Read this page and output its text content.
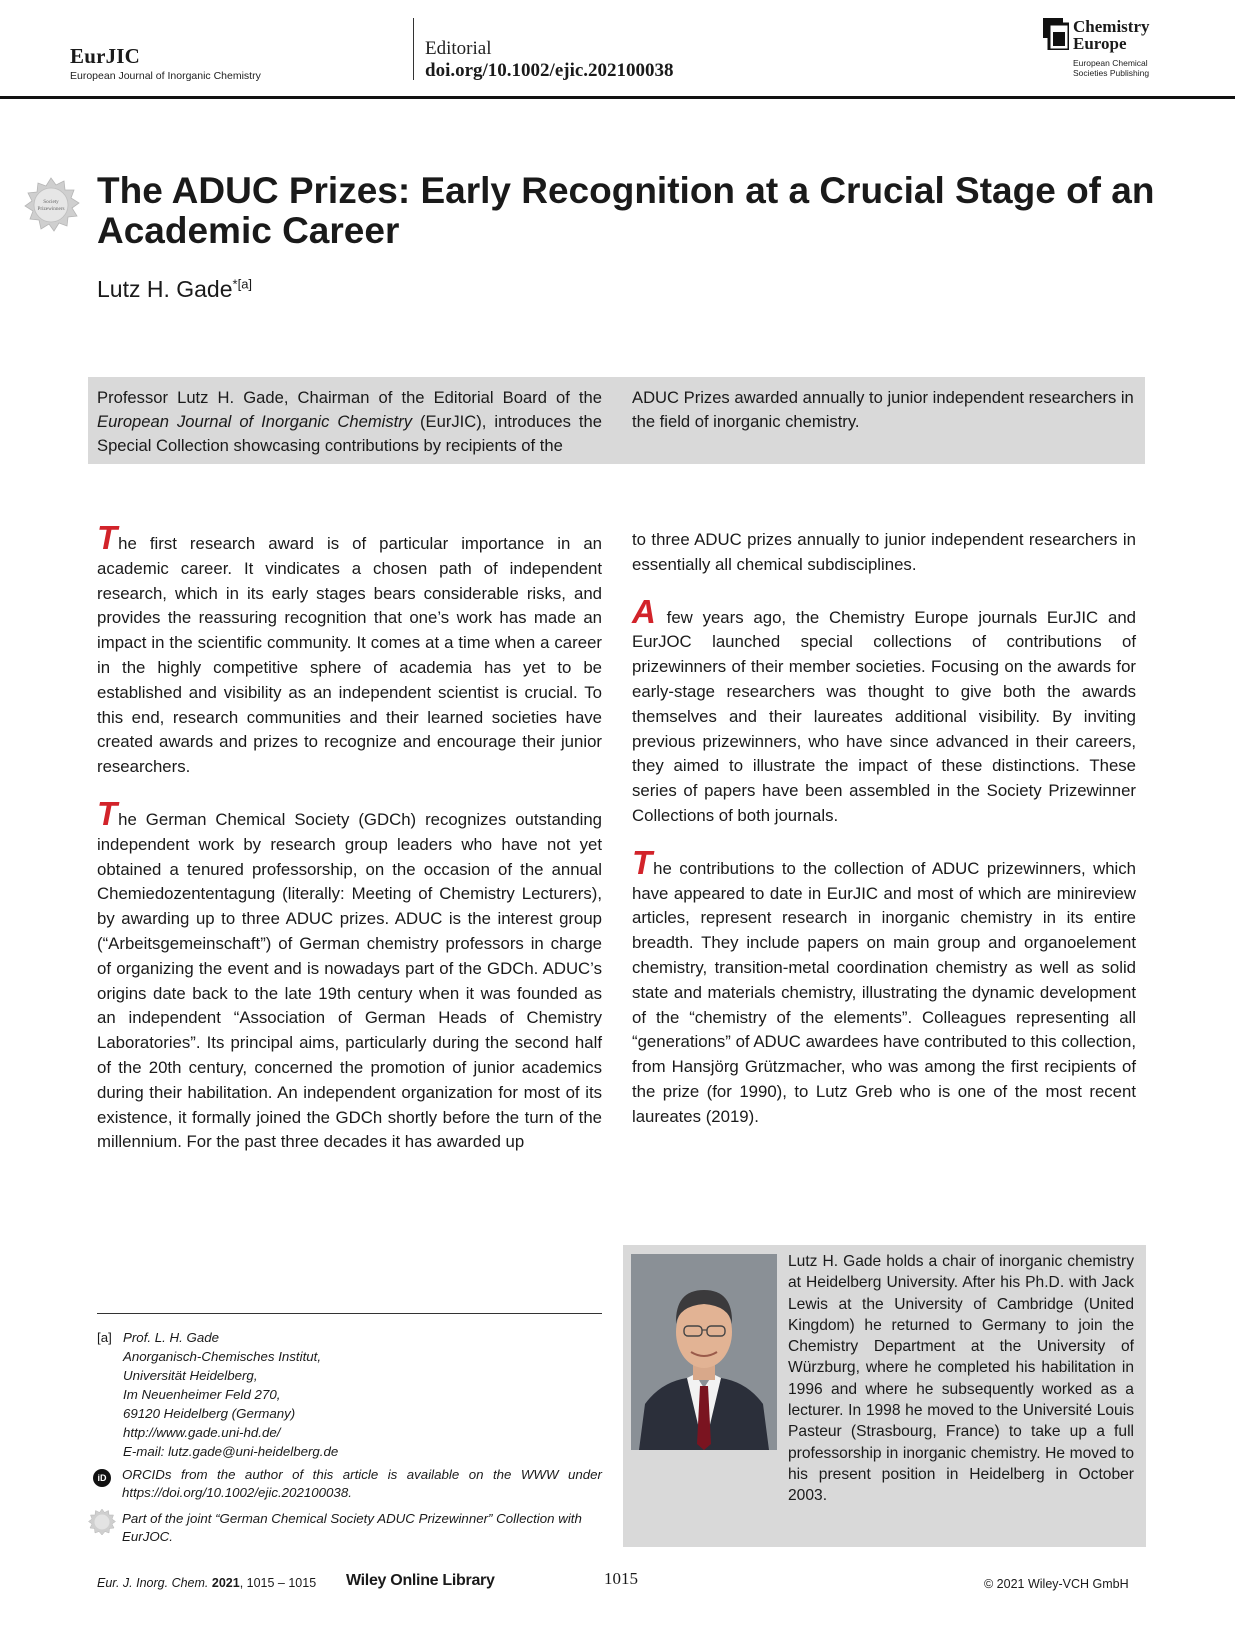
EurJIC
European Journal of Inorganic Chemistry
Editorial
doi.org/10.1002/ejic.202100038
Chemistry
Europe
European Chemical
Societies Publishing
Society
Prizewinners The ADUC Prizes: Early Recognition at a Crucial Stage of an Academic Career
Lutz H. Gade$^{*[a]}$
Professor Lutz H. Gade, Chairman of the Editorial Board of the European Journal of Inorganic Chemistry (EurJIC), introduces the Special Collection showcasing contributions by recipients of the
ADUC Prizes awarded annually to junior independent researchers in the field of inorganic chemistry.

The first research award is of particular importance in an academic career. It vindicates a chosen path of independent research, which in its early stages bears considerable risks, and provides the reassuring recognition that one’s work has made an impact in the scientific community. It comes at a time when a career in the highly competitive sphere of academia has yet to be established and visibility as an independent scientist is crucial. To this end, research communities and their learned societies have created awards and prizes to recognize and encourage their junior researchers.

The German Chemical Society (GDCh) recognizes outstanding independent work by research group leaders who have not yet obtained a tenured professorship, on the occasion of the annual Chemiedozententagung (literally: Meeting of Chemistry Lecturers), by awarding up to three ADUC prizes. ADUC is the interest group (“Arbeitsgemeinschaft”) of German chemistry professors in charge of organizing the event and is nowadays part of the GDCh. ADUC’s origins date back to the late 19th century when it was founded as an independent “Association of German Heads of Chemistry Laboratories”. Its principal aims, particularly during the second half of the 20th century, concerned the promotion of junior academics during their habilitation. An independent organization for most of its existence, it formally joined the GDCh shortly before the turn of the millennium. For the past three decades it has awarded up

to three ADUC prizes annually to junior independent researchers in essentially all chemical subdisciplines.

A few years ago, the Chemistry Europe journals EurJIC and EurJOC launched special collections of contributions of prizewinners of their member societies. Focusing on the awards for early-stage researchers was thought to give both the awards themselves and their laureates additional visibility. By inviting previous prizewinners, who have since advanced in their careers, they aimed to illustrate the impact of these distinctions. These series of papers have been assembled in the Society Prizewinner Collections of both journals.

The contributions to the collection of ADUC prizewinners, which have appeared to date in EurJIC and most of which are minireview articles, represent research in inorganic chemistry in its entire breadth. They include papers on main group and organoelement chemistry, transition-metal coordination chemistry as well as solid state and materials chemistry, illustrating the dynamic development of the “chemistry of the elements”. Colleagues representing all “generations” of ADUC awardees have contributed to this collection, from Hansjörg Grützmacher, who was among the first recipients of the prize (for 1990), to Lutz Greb who is one of the most recent laureates (2019).

[a] Prof. L. H. Gade
Anorganisch-Chemisches Institut,
Universität Heidelberg,
Im Neuenheimer Feld 270,
69120 Heidelberg (Germany)
http://www.gade.uni-hd.de/
E-mail: lutz.gade@uni-heidelberg.de
iD	ORCIDs from the author of this article is available on the WWW under https://doi.org/10.1002/ejic.202100038.
Part of the joint “German Chemical Society ADUC Prizewinner” Collection with EurJOC.
Lutz H. Gade holds a chair of inorganic chemistry at Heidelberg University. After his Ph.D. with Jack Lewis at the University of Cambridge (United Kingdom) he returned to Germany to join the Chemistry Department at the University of Würzburg, where he completed his habilitation in 1996 and where he subsequently worked as a lecturer. In 1998 he moved to the Université Louis Pasteur (Strasbourg, France) to take up a full professorship in inorganic chemistry. He moved to his present position in Heidelberg in October 2003.
Eur. J. Inorg. Chem. 2021, 1015 – 1015 Wiley Online Library	1015	© 2021 Wiley-VCH GmbH
